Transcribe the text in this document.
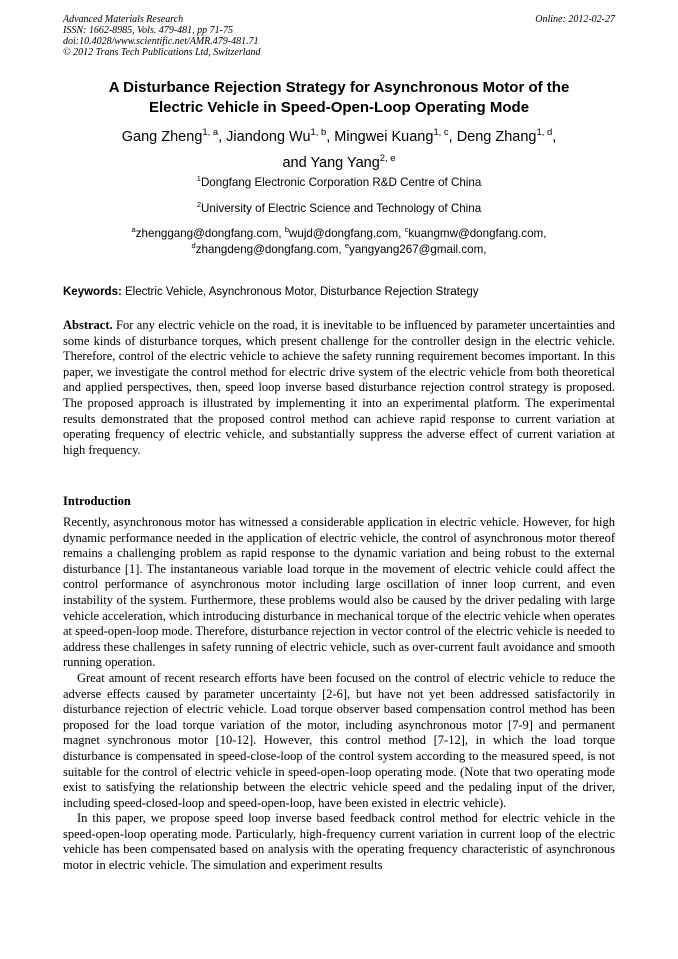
Advanced Materials Research
ISSN: 1662-8985, Vols. 479-481, pp 71-75
doi:10.4028/www.scientific.net/AMR.479-481.71
© 2012 Trans Tech Publications Ltd, Switzerland
Online: 2012-02-27
A Disturbance Rejection Strategy for Asynchronous Motor of the
Electric Vehicle in Speed-Open-Loop Operating Mode
Gang Zheng$^{1, a}$, Jiandong Wu$^{1, b}$, Mingwei Kuang$^{1, c}$, Deng Zhang$^{1, d}$,
and Yang Yang$^{2, e}$
$^1$Dongfang Electronic Corporation R&D Centre of China
$^2$University of Electric Science and Technology of China
$^a$zhenggang@dongfang.com, $^b$wujd@dongfang.com, $^c$kuangmw@dongfang.com,
$^d$zhangdeng@dongfang.com, $^e$yangyang267@gmail.com,
Keywords: Electric Vehicle, Asynchronous Motor, Disturbance Rejection Strategy

Abstract. For any electric vehicle on the road, it is inevitable to be influenced by parameter uncertainties and some kinds of disturbance torques, which present challenge for the controller design in the electric vehicle. Therefore, control of the electric vehicle to achieve the safety running requirement becomes important. In this paper, we investigate the control method for electric drive system of the electric vehicle from both theoretical and applied perspectives, then, speed loop inverse based disturbance rejection control strategy is proposed. The proposed approach is illustrated by implementing it into an experimental platform. The experimental results demonstrated that the proposed control method can achieve rapid response to current variation at operating frequency of electric vehicle, and substantially suppress the adverse effect of current variation at high frequency.

Introduction

Recently, asynchronous motor has witnessed a considerable application in electric vehicle. However, for high dynamic performance needed in the application of electric vehicle, the control of asynchronous motor thereof remains a challenging problem as rapid response to the dynamic variation and being robust to the external disturbance [1]. The instantaneous variable load torque in the movement of electric vehicle could affect the control performance of asynchronous motor including large oscillation of inner loop current, and even instability of the system. Furthermore, these problems would also be caused by the driver pedaling with large vehicle acceleration, which introducing disturbance in mechanical torque of the electric vehicle when operates at speed-open-loop mode. Therefore, disturbance rejection in vector control of the electric vehicle is needed to address these challenges in safety running of electric vehicle, such as over-current fault avoidance and smooth running operation.

Great amount of recent research efforts have been focused on the control of electric vehicle to reduce the adverse effects caused by parameter uncertainty [2-6], but have not yet been addressed satisfactorily in disturbance rejection of electric vehicle. Load torque observer based compensation control method has been proposed for the load torque variation of the motor, including asynchronous motor [7-9] and permanent magnet synchronous motor [10-12]. However, this control method [7-12], in which the load torque disturbance is compensated in speed-close-loop of the control system according to the measured speed, is not suitable for the control of electric vehicle in speed-open-loop operating mode. (Note that two operating mode exist to satisfying the relationship between the electric vehicle speed and the pedaling input of the driver, including speed-closed-loop and speed-open-loop, have been existed in electric vehicle).

In this paper, we propose speed loop inverse based feedback control method for electric vehicle in the speed-open-loop operating mode. Particularly, high-frequency current variation in current loop of the electric vehicle has been compensated based on analysis with the operating frequency characteristic of asynchronous motor in electric vehicle. The simulation and experiment results
